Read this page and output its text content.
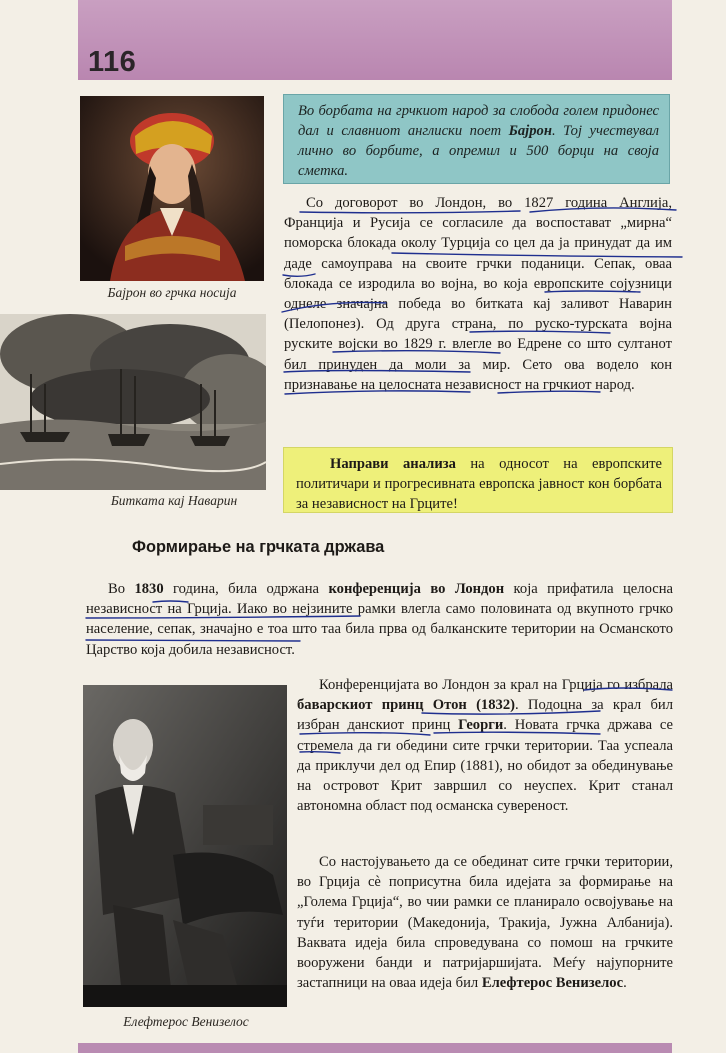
116
Бајрон во грчка носија
Битката кај Наварин
Во борбата на грчкиот народ за слобода голем придонес дал и славниот англиски поет Бајрон. Тој учествувал лично во борбите, а опремил и 500 борци на своја сметка.

Со договорот во Лондон, во 1827 година Англија, Франција и Русија се согласиле да воспостават „мирна“ поморска блокада околу Турција со цел да ја принудат да им даде самоуправа на своите грчки поданици. Сепак, оваа блокада се изродила во војна, во која европските сојузници однеле значајна победа во битката кај заливот Наварин (Пелопонез). Од друга страна, по руско-турската војна руските војски во 1829 г. влегле во Едрене со што султанот бил принуден да моли за мир. Сето ова водело кон признавање на целосната независност на грчкиот народ.

Направи анализа на односот на европските политичари и прогресивната европска јавност кон борбата за независност на Грците!
Формирање на грчката држава

Во 1830 година, била одржана конференција во Лондон која прифатила целосна независност на Грција. Иако во нејзините рамки влегла само половината од вкупното грчко население, сепак, значајно е тоа што таа била прва од балканските територии на Османското Царство која добила независност.

Елефтерос Венизелос

Конференцијата во Лондон за крал на Грција го избрала баварскиот принц Отон (1832). Подоцна за крал бил избран данскиот принц Георги. Новата грчка држава се стремела да ги обедини сите грчки територии. Таа успеала да приклучи дел од Епир (1881), но обидот за обединување на островот Крит завршил со неуспех. Крит станал автономна област под османска сувереност.

Со настојувањето да се обединат сите грчки територии, во Грција сè поприсутна била идејата за формирање на „Голема Грција“, во чии рамки се планирало освојување на туѓи територии (Македонија, Тракија, Јужна Албанија). Ваквата идеја била спроведувана со помош на грчките вооружени банди и патријаршијата. Меѓу најупорните застапници на оваа идеја бил Елефтерос Венизелос.
